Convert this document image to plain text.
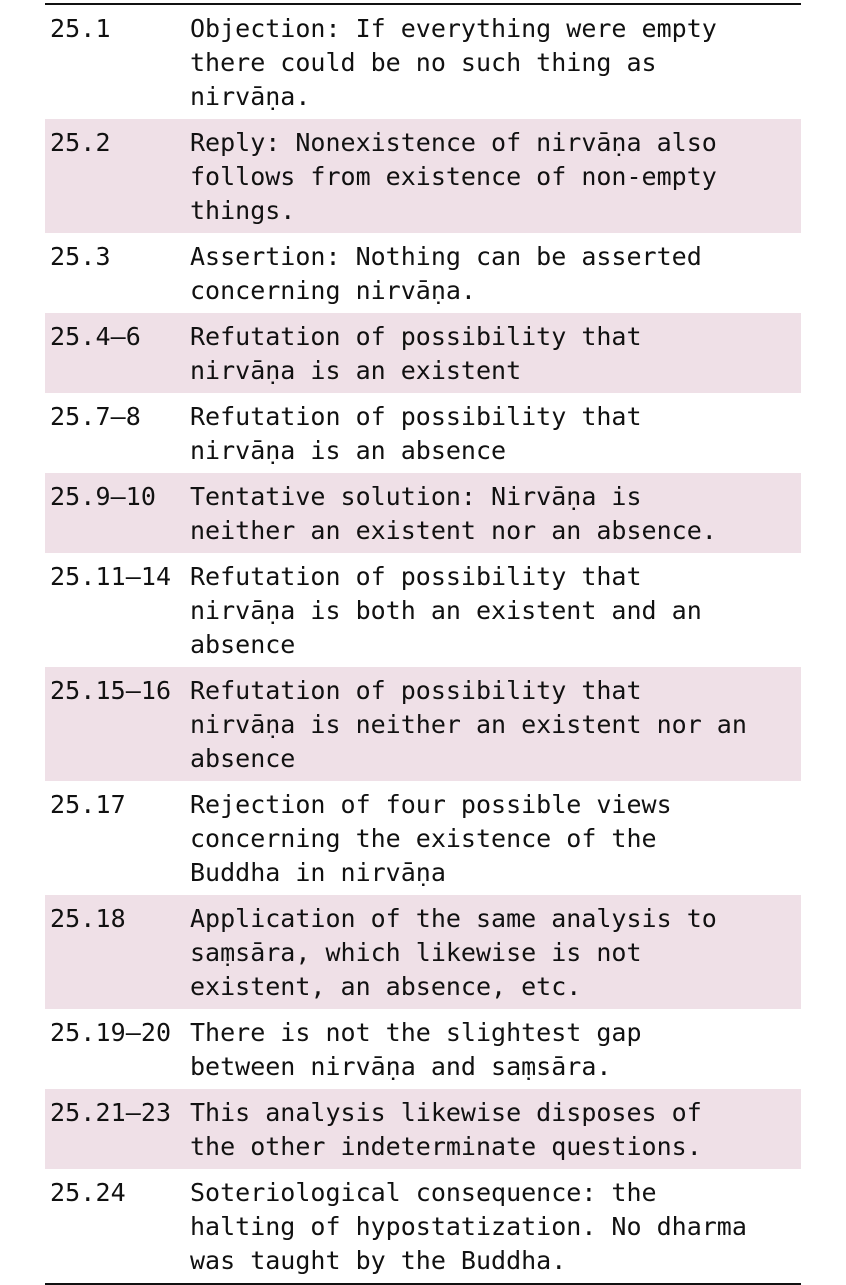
25.1	Objection: If everything were empty
there could be no such thing as
nirvāṇa.
25.2	Reply: Nonexistence of nirvāṇa also
follows from existence of non-empty
things.
25.3	Assertion: Nothing can be asserted
concerning nirvāṇa.
25.4–6	Refutation of possibility that
nirvāṇa is an existent
25.7–8	Refutation of possibility that
nirvāṇa is an absence
25.9–10	Tentative solution: Nirvāṇa is
neither an existent nor an absence.
25.11–14 Refutation of possibility that
nirvāṇa is both an existent and an
absence
25.15–16 Refutation of possibility that
nirvāṇa is neither an existent nor an
absence
25.17	Rejection of four possible views
concerning the existence of the
Buddha in nirvāṇa
25.18	Application of the same analysis to
saṃsāra, which likewise is not
existent, an absence, etc.
25.19–20 There is not the slightest gap
between nirvāṇa and saṃsāra.
25.21–23 This analysis likewise disposes of
the other indeterminate questions.
25.24	Soteriological consequence: the
halting of hypostatization. No dharma
was taught by the Buddha.
